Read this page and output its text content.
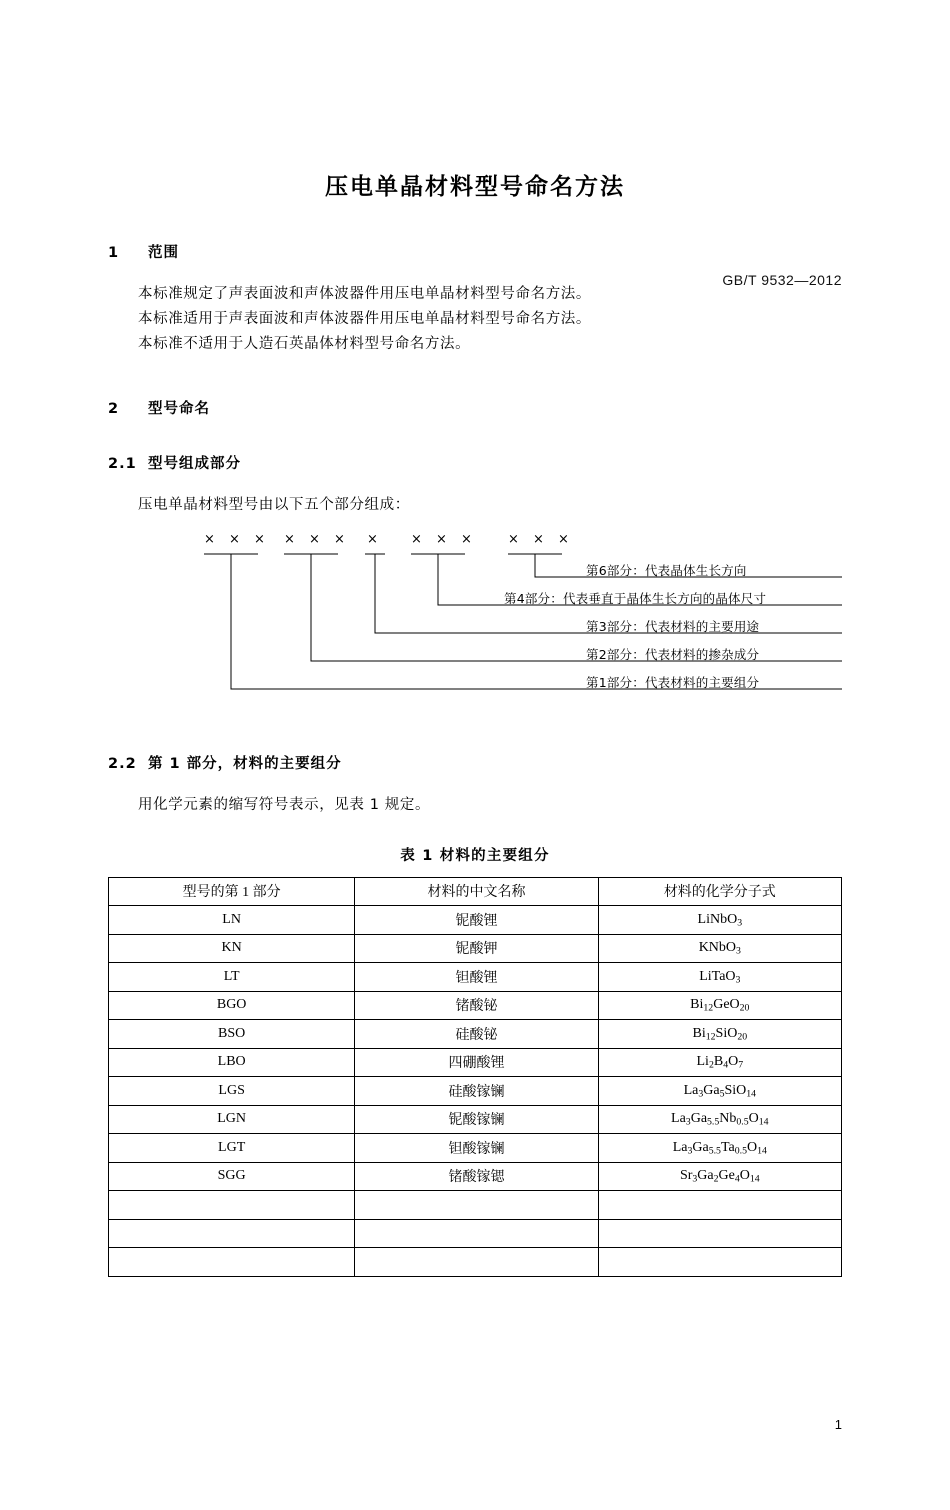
GB/T 9532—2012
压电单晶材料型号命名方法
1 范围
本标准规定了声表面波和声体波器件用压电单晶材料型号命名方法。
本标准适用于声表面波和声体波器件用压电单晶材料型号命名方法。
本标准不适用于人造石英晶体材料型号命名方法。
2 型号命名
2.1 型号组成部分
压电单晶材料型号由以下五个部分组成：
× × × × × × × × × × × × ×
第6部分：代表晶体生长方向
第4部分：代表垂直于晶体生长方向的晶体尺寸
第3部分：代表材料的主要用途
第2部分：代表材料的掺杂成分
第1部分：代表材料的主要组分
2.2 第 1 部分，材料的主要组分
用化学元素的缩写符号表示，见表 1 规定。
表 1 材料的主要组分
型号的第 1 部分	材料的中文名称	材料的化学分子式
LN	铌酸锂	LiNbO$_3$
KN	铌酸钾	KNbO$_3$
LT	钽酸锂	LiTaO$_3$
BGO	锗酸铋	$Bi_{12}GeO_{20}$
BSO	硅酸铋	$Bi_{12}SiO_{20}$
LBO	四硼酸锂	$Li_2B_4O_7$
LGS	硅酸镓镧	$La_3Ga_5SiO_{14}$
LGN	铌酸镓镧	$La_3Ga_{5.5}Nb_{0.5}O_{14}$
LGT	钽酸镓镧	$La_3Ga_{5.5}Ta_{0.5}O_{14}$
SGG	锗酸镓锶	$Sr_3Ga_2Ge_4O_{14}$

1
